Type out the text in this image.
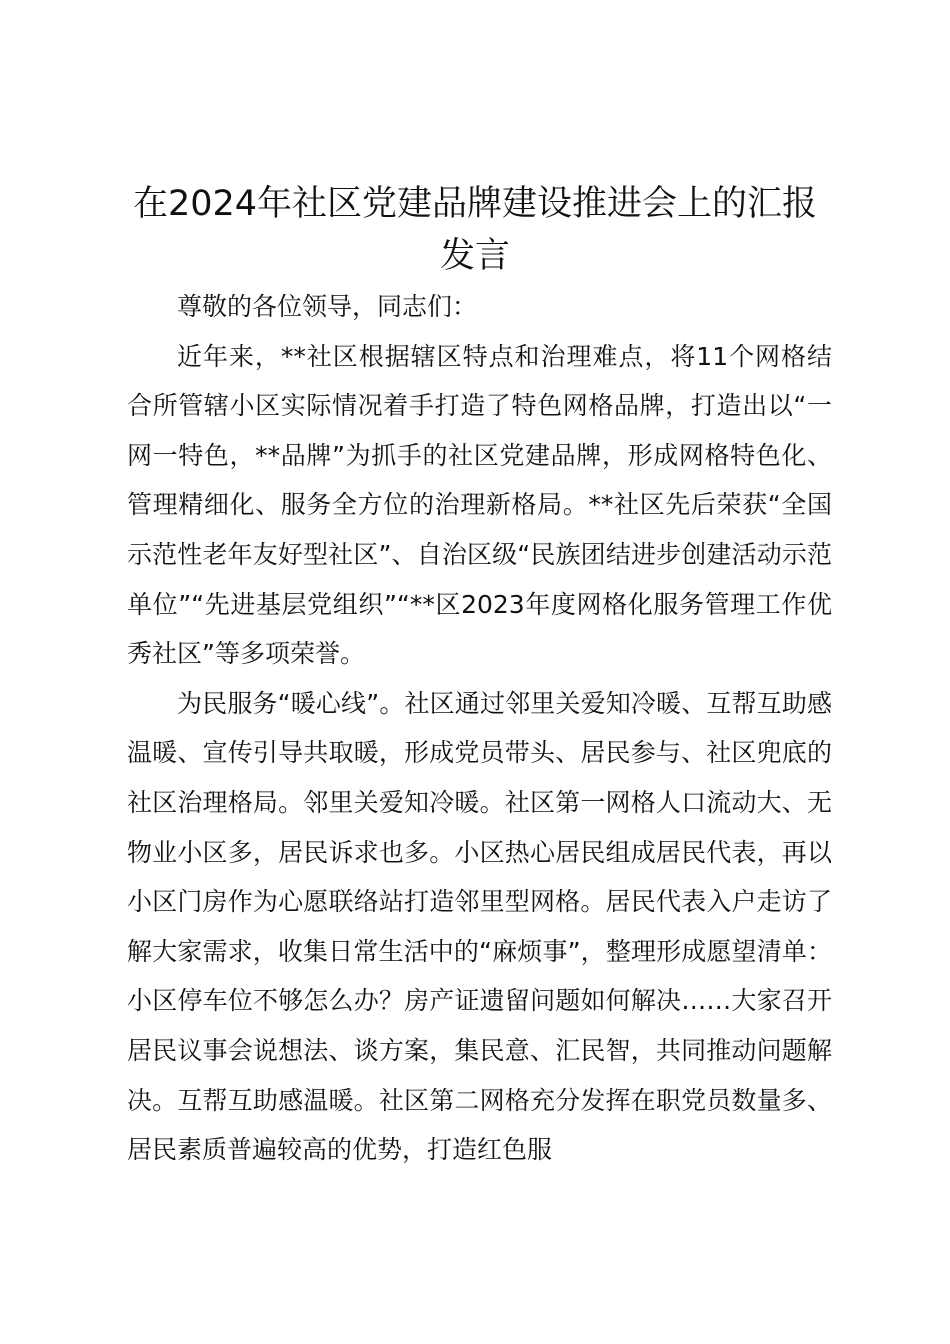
在2024年社区党建品牌建设推进会上的汇报发言

尊敬的各位领导，同志们：

近年来，**社区根据辖区特点和治理难点，将11个网格结合所管辖小区实际情况着手打造了特色网格品牌，打造出以“一网一特色，**品牌”为抓手的社区党建品牌，形成网格特色化、管理精细化、服务全方位的治理新格局。**社区先后荣获“全国示范性老年友好型社区”、自治区级“民族团结进步创建活动示范单位”“先进基层党组织”“**区2023年度网格化服务管理工作优秀社区”等多项荣誉。

为民服务“暖心线”。社区通过邻里关爱知冷暖、互帮互助感温暖、宣传引导共取暖，形成党员带头、居民参与、社区兜底的社区治理格局。邻里关爱知冷暖。社区第一网格人口流动大、无物业小区多，居民诉求也多。小区热心居民组成居民代表，再以小区门房作为心愿联络站打造邻里型网格。居民代表入户走访了解大家需求，收集日常生活中的“麻烦事”，整理形成愿望清单：小区停车位不够怎么办？房产证遗留问题如何解决……大家召开居民议事会说想法、谈方案，集民意、汇民智，共同推动问题解决。互帮互助感温暖。社区第二网格充分发挥在职党员数量多、居民素质普遍较高的优势，打造红色服
